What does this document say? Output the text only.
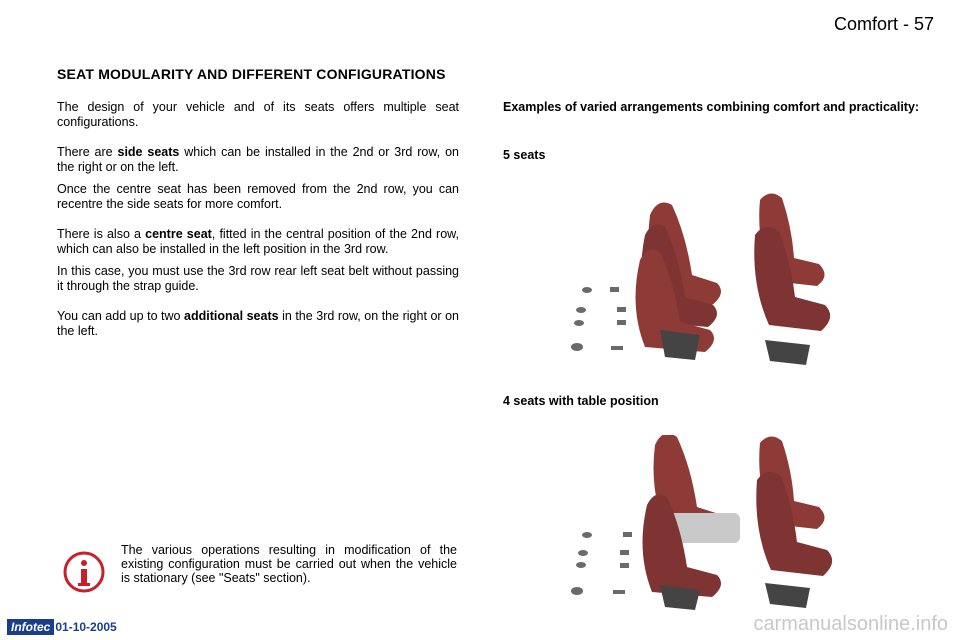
Comfort - 57
SEAT MODULARITY AND DIFFERENT CONFIGURATIONS

The design of your vehicle and of its seats offers multiple seat configurations.

There are side seats which can be installed in the 2nd or 3rd row, on the right or on the left.

Once the centre seat has been removed from the 2nd row, you can recentre the side seats for more comfort.

There is also a centre seat, fitted in the central position of the 2nd row, which can also be installed in the left position in the 3rd row.

In this case, you must use the 3rd row rear left seat belt without passing it through the strap guide.

You can add up to two additional seats in the 3rd row, on the right or on the left.

Examples of varied arrangements combining comfort and practicality:
5 seats
4 seats with table position
The various operations resulting in modification of the existing configuration must be carried out when the vehicle is stationary (see "Seats" section).
Infotec 01-10-2005	carmanualsonline.info
